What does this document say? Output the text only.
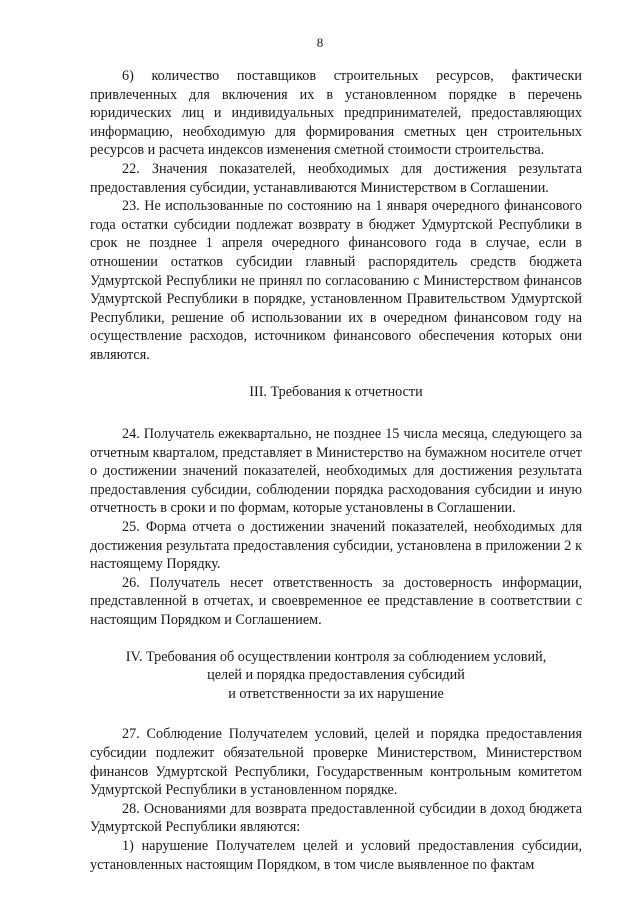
8

6) количество поставщиков строительных ресурсов, фактически привлеченных для включения их в установленном порядке в перечень юридических лиц и индивидуальных предпринимателей, предоставляющих информацию, необходимую для формирования сметных цен строительных ресурсов и расчета индексов изменения сметной стоимости строительства.

22. Значения показателей, необходимых для достижения результата предоставления субсидии, устанавливаются Министерством в Соглашении.

23. Не использованные по состоянию на 1 января очередного финансового года остатки субсидии подлежат возврату в бюджет Удмуртской Республики в срок не позднее 1 апреля очередного финансового года в случае, если в отношении остатков субсидии главный распорядитель средств бюджета Удмуртской Республики не принял по согласованию с Министерством финансов Удмуртской Республики в порядке, установленном Правительством Удмуртской Республики, решение об использовании их в очередном финансовом году на осуществление расходов, источником финансового обеспечения которых они являются.

III. Требования к отчетности

24. Получатель ежеквартально, не позднее 15 числа месяца, следующего за отчетным кварталом, представляет в Министерство на бумажном носителе отчет о достижении значений показателей, необходимых для достижения результата предоставления субсидии, соблюдении порядка расходования субсидии и иную отчетность в сроки и по формам, которые установлены в Соглашении.

25. Форма отчета о достижении значений показателей, необходимых для достижения результата предоставления субсидии, установлена в приложении 2 к настоящему Порядку.

26. Получатель несет ответственность за достоверность информации, представленной в отчетах, и своевременное ее представление в соответствии с настоящим Порядком и Соглашением.

IV. Требования об осуществлении контроля за соблюдением условий,
целей и порядка предоставления субсидий
и ответственности за их нарушение

27. Соблюдение Получателем условий, целей и порядка предоставления субсидии подлежит обязательной проверке Министерством, Министерством финансов Удмуртской Республики, Государственным контрольным комитетом Удмуртской Республики в установленном порядке.

28. Основаниями для возврата предоставленной субсидии в доход бюджета Удмуртской Республики являются:

1) нарушение Получателем целей и условий предоставления субсидии, установленных настоящим Порядком, в том числе выявленное по фактам
